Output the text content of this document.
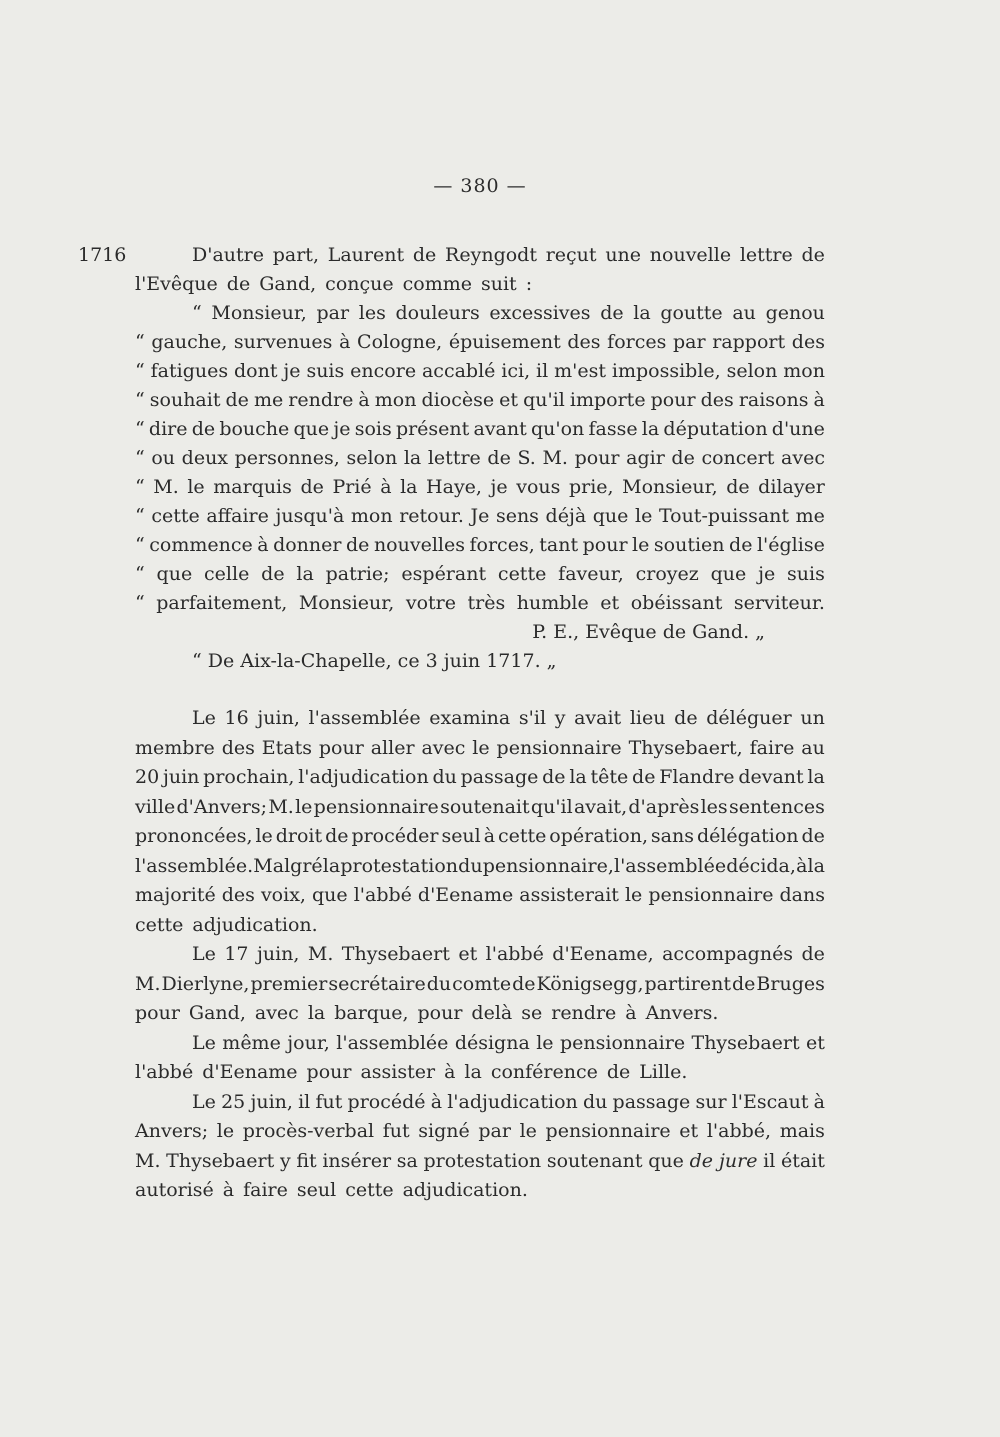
— 380 —
1716	D'autre part, Laurent de Reyngodt reçut une nouvelle lettre de
l'Evêque de Gand, conçue comme suit :
“ Monsieur, par les douleurs excessives de la goutte au genou
“ gauche, survenues à Cologne, épuisement des forces par rapport des
“ fatigues dont je suis encore accablé ici, il m'est impossible, selon mon
“ souhait de me rendre à mon diocèse et qu'il importe pour des raisons à
“ dire de bouche que je sois présent avant qu'on fasse la députation d'une
“ ou deux personnes, selon la lettre de S. M. pour agir de concert avec
“ M. le marquis de Prié à la Haye, je vous prie, Monsieur, de dilayer
“ cette affaire jusqu'à mon retour. Je sens déjà que le Tout-puissant me
“ commence à donner de nouvelles forces, tant pour le soutien de l'église
“ que celle de la patrie; espérant cette faveur, croyez que je suis
“ parfaitement, Monsieur, votre très humble et obéissant serviteur.
P. E., Evêque de Gand. „
“ De Aix-la-Chapelle, ce 3 juin 1717. „
Le 16 juin, l'assemblée examina s'il y avait lieu de déléguer un
membre des Etats pour aller avec le pensionnaire Thysebaert, faire au
20 juin prochain, l'adjudication du passage de la tête de Flandre devant la
ville d'Anvers; M. le pensionnaire soutenait qu'il avait, d'après les sentences
prononcées, le droit de procéder seul à cette opération, sans délégation de
l'assemblée. Malgré la protestation du pensionnaire, l'assemblée décida, à la
majorité des voix, que l'abbé d'Eename assisterait le pensionnaire dans
cette adjudication.
Le 17 juin, M. Thysebaert et l'abbé d'Eename, accompagnés de
M. Dierlyne, premier secrétaire du comte de Königsegg, partirent de Bruges
pour Gand, avec la barque, pour delà se rendre à Anvers.
Le même jour, l'assemblée désigna le pensionnaire Thysebaert et
l'abbé d'Eename pour assister à la conférence de Lille.
Le 25 juin, il fut procédé à l'adjudication du passage sur l'Escaut à
Anvers; le procès-verbal fut signé par le pensionnaire et l'abbé, mais
M. Thysebaert y fit insérer sa protestation soutenant que de jure il était
autorisé à faire seul cette adjudication.
